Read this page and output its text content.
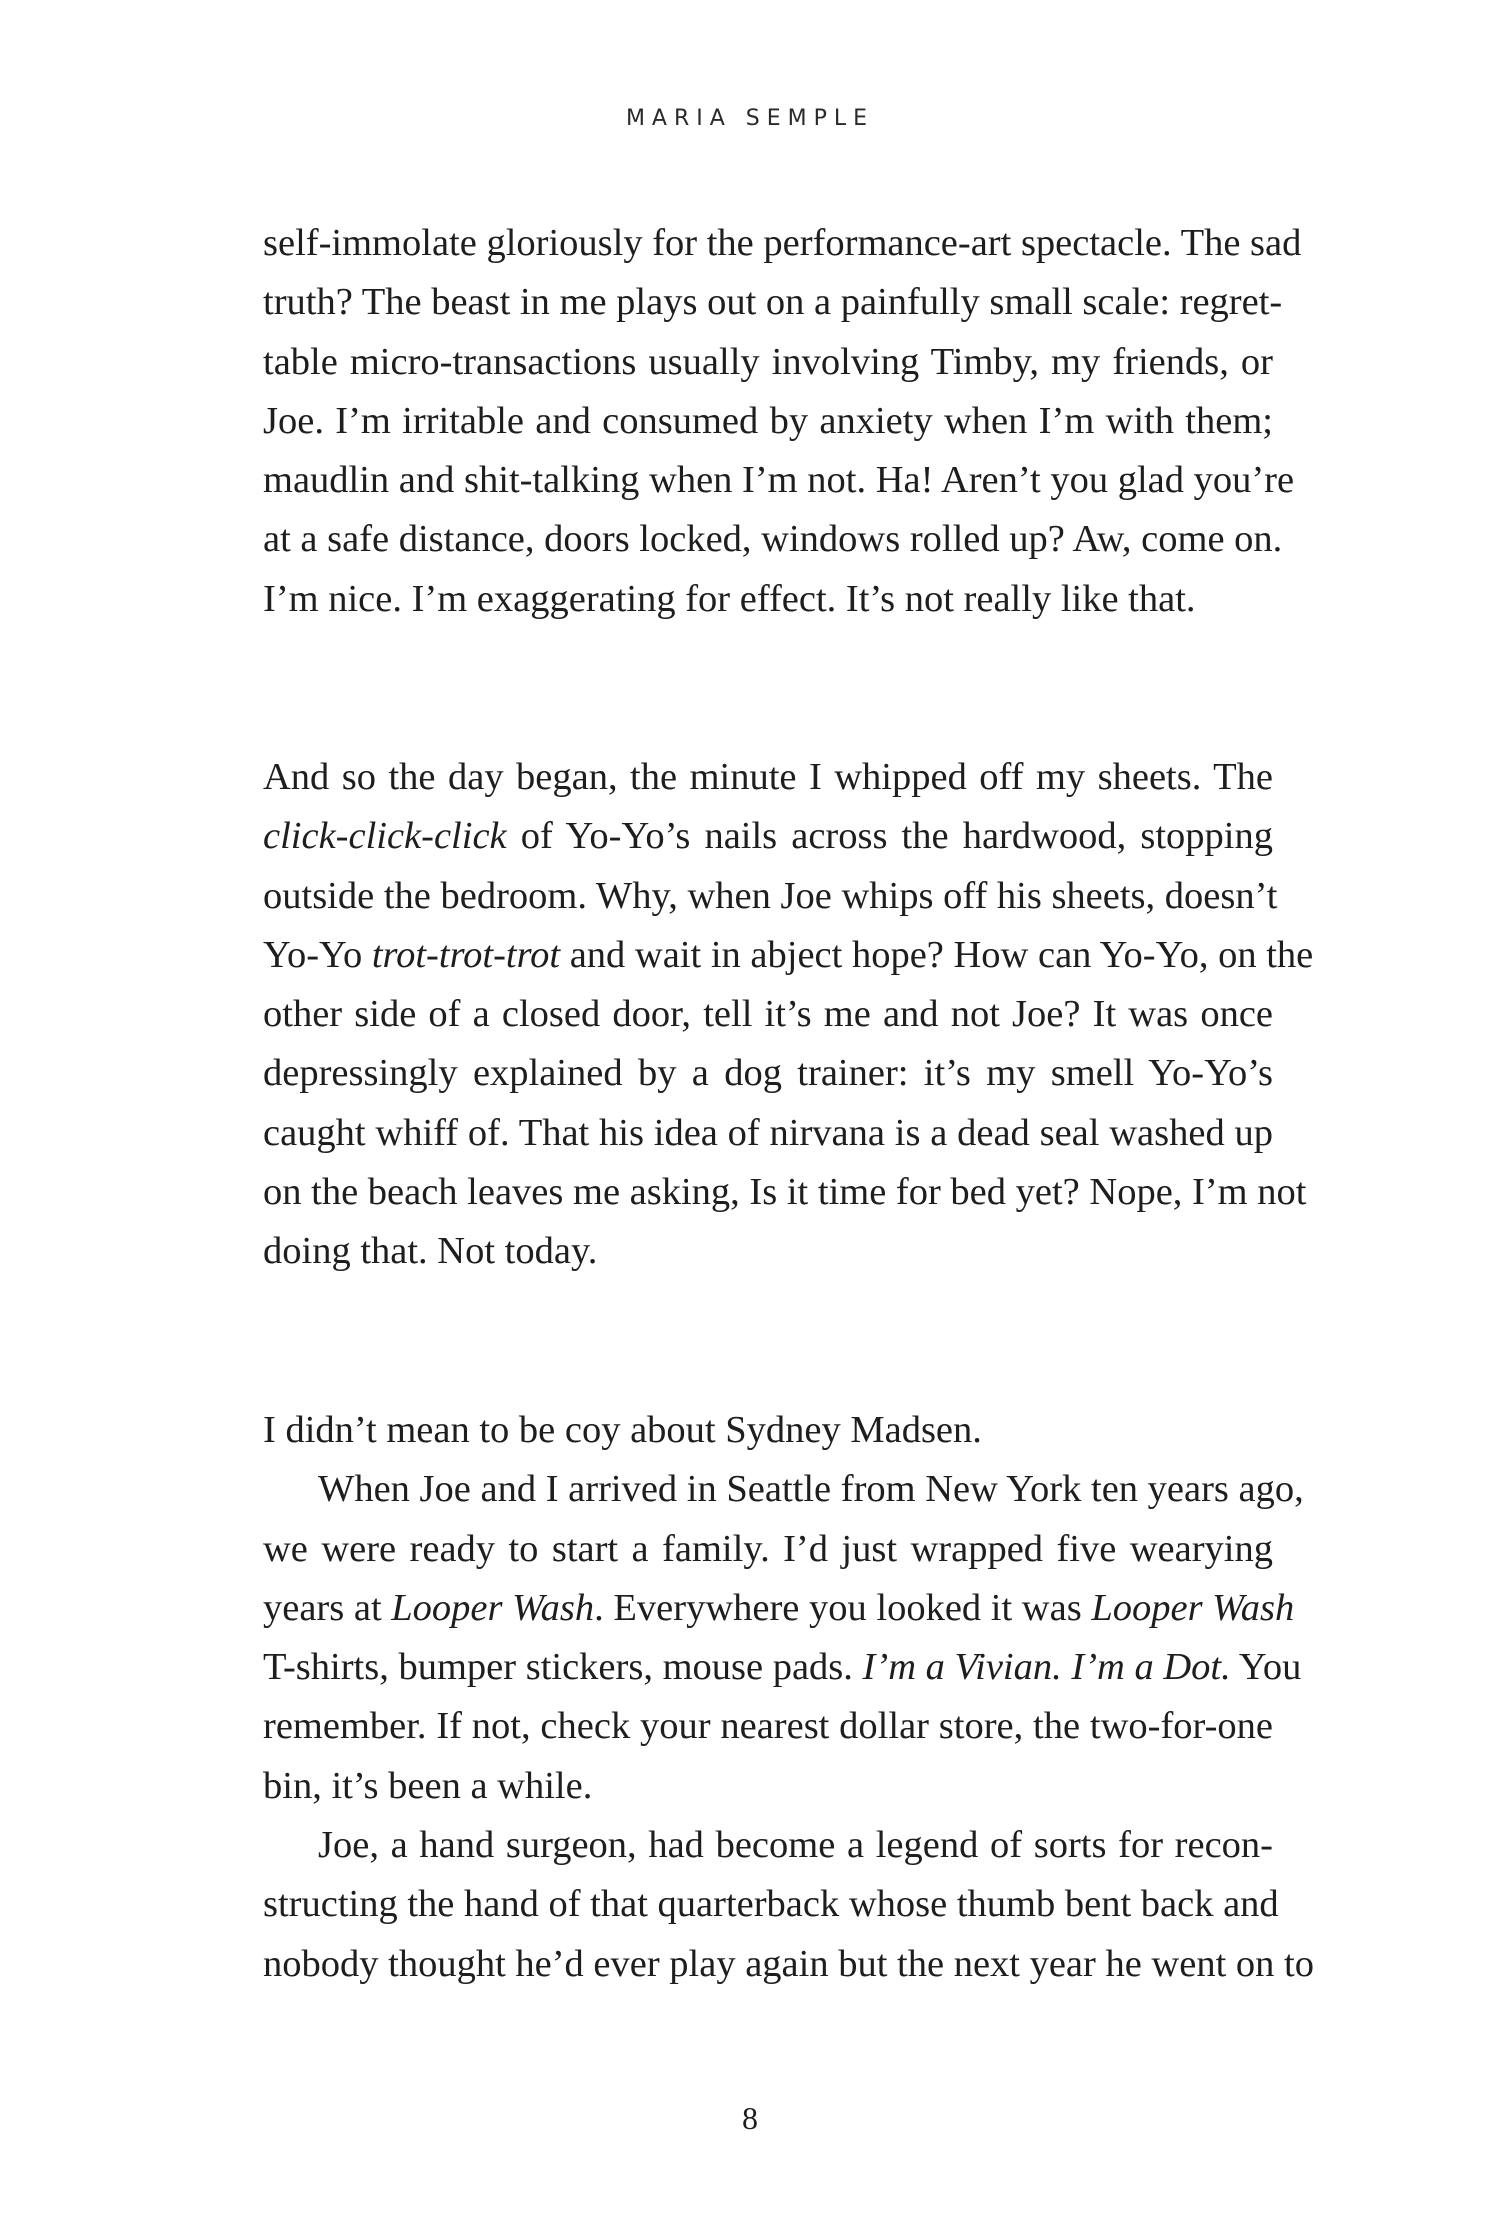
MARIA SEMPLE
self-immolate gloriously for the performance-art spectacle. The sad
truth? The beast in me plays out on a painfully small scale: regret-
table micro-transactions usually involving Timby, my friends, or
Joe. I’m irritable and consumed by anxiety when I’m with them;
maudlin and shit-talking when I’m not. Ha! Aren’t you glad you’re
at a safe distance, doors locked, windows rolled up? Aw, come on.
I’m nice. I’m exaggerating for effect. It’s not really like that.
And so the day began, the minute I whipped off my sheets. The
click-click-click of Yo-Yo’s nails across the hardwood, stopping
outside the bedroom. Why, when Joe whips off his sheets, doesn’t
Yo-Yo trot-trot-trot and wait in abject hope? How can Yo-Yo, on the
other side of a closed door, tell it’s me and not Joe? It was once
depressingly explained by a dog trainer: it’s my smell Yo-Yo’s
caught whiff of. That his idea of nirvana is a dead seal washed up
on the beach leaves me asking, Is it time for bed yet? Nope, I’m not
doing that. Not today.
I didn’t mean to be coy about Sydney Madsen.
When Joe and I arrived in Seattle from New York ten years ago,
we were ready to start a family. I’d just wrapped five wearying
years at Looper Wash. Everywhere you looked it was Looper Wash
T-shirts, bumper stickers, mouse pads. I’m a Vivian. I’m a Dot. You
remember. If not, check your nearest dollar store, the two-for-one
bin, it’s been a while.
Joe, a hand surgeon, had become a legend of sorts for recon-
structing the hand of that quarterback whose thumb bent back and
nobody thought he’d ever play again but the next year he went on to
8
